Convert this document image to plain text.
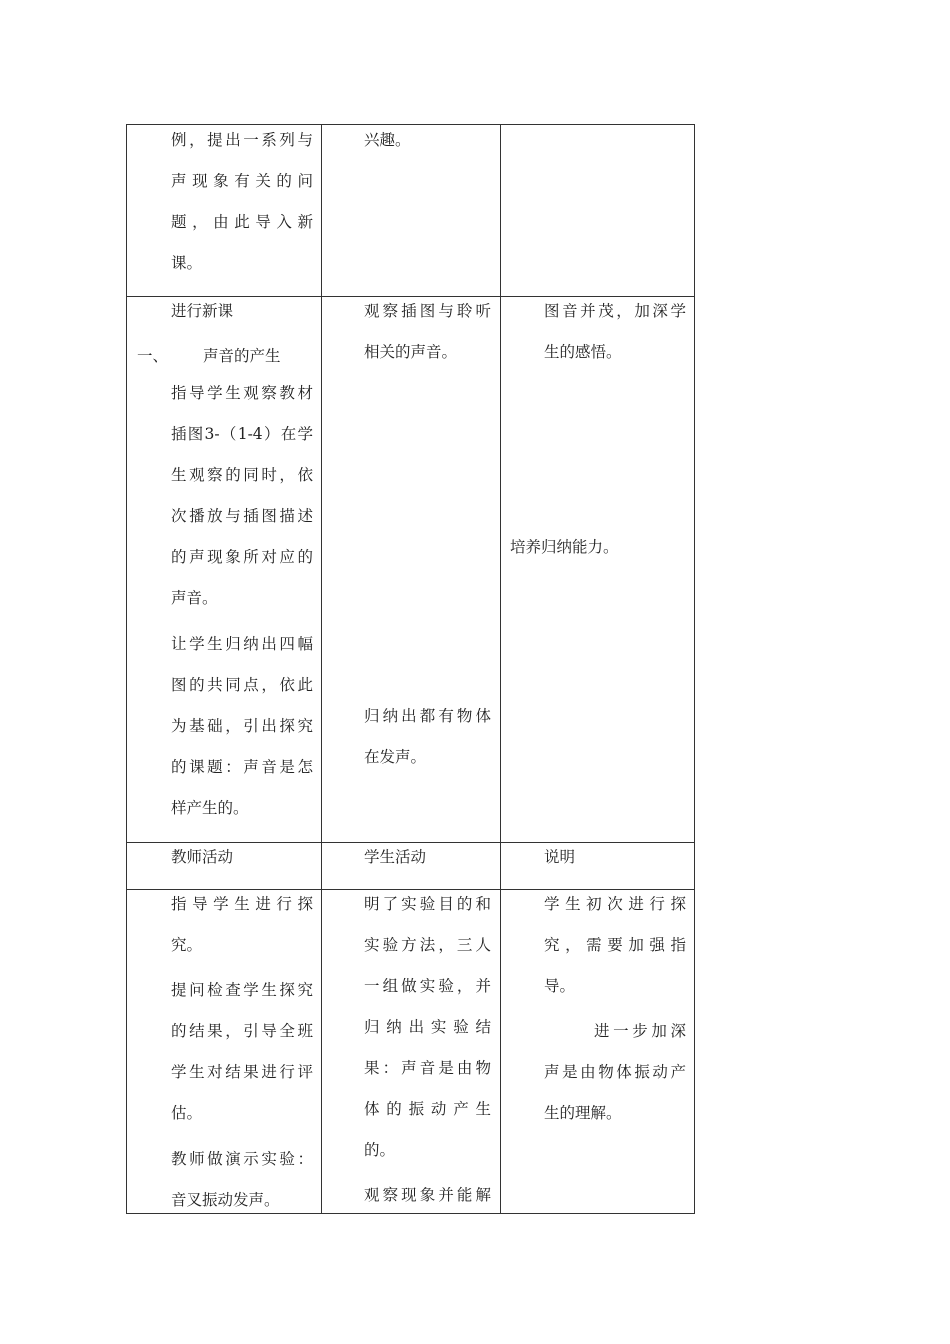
例，提出一系列与
声现象有关的问
题，由此导入新
课。
兴趣。
进行新课
一、 声音的产生
指导学生观察教材
插图3-（1-4）在学
生观察的同时，依
次播放与插图描述
的声现象所对应的
声音。
让学生归纳出四幅
图的共同点，依此
为基础，引出探究
的课题：声音是怎
样产生的。
观察插图与聆听
相关的声音。
归纳出都有物体
在发声。
图音并茂，加深学
生的感悟。
培养归纳能力。
教师活动	学生活动	说明
指导学生进行探
究。
提问检查学生探究
的结果，引导全班
学生对结果进行评
估。
教师做演示实验：
音叉振动发声。
明了实验目的和
实验方法，三人
一组做实验，并
归纳出实验结
果：声音是由物
体的振动产生
的。
观察现象并能解
学生初次进行探
究，需要加强指
导。
进一步加深
声是由物体振动产
生的理解。
